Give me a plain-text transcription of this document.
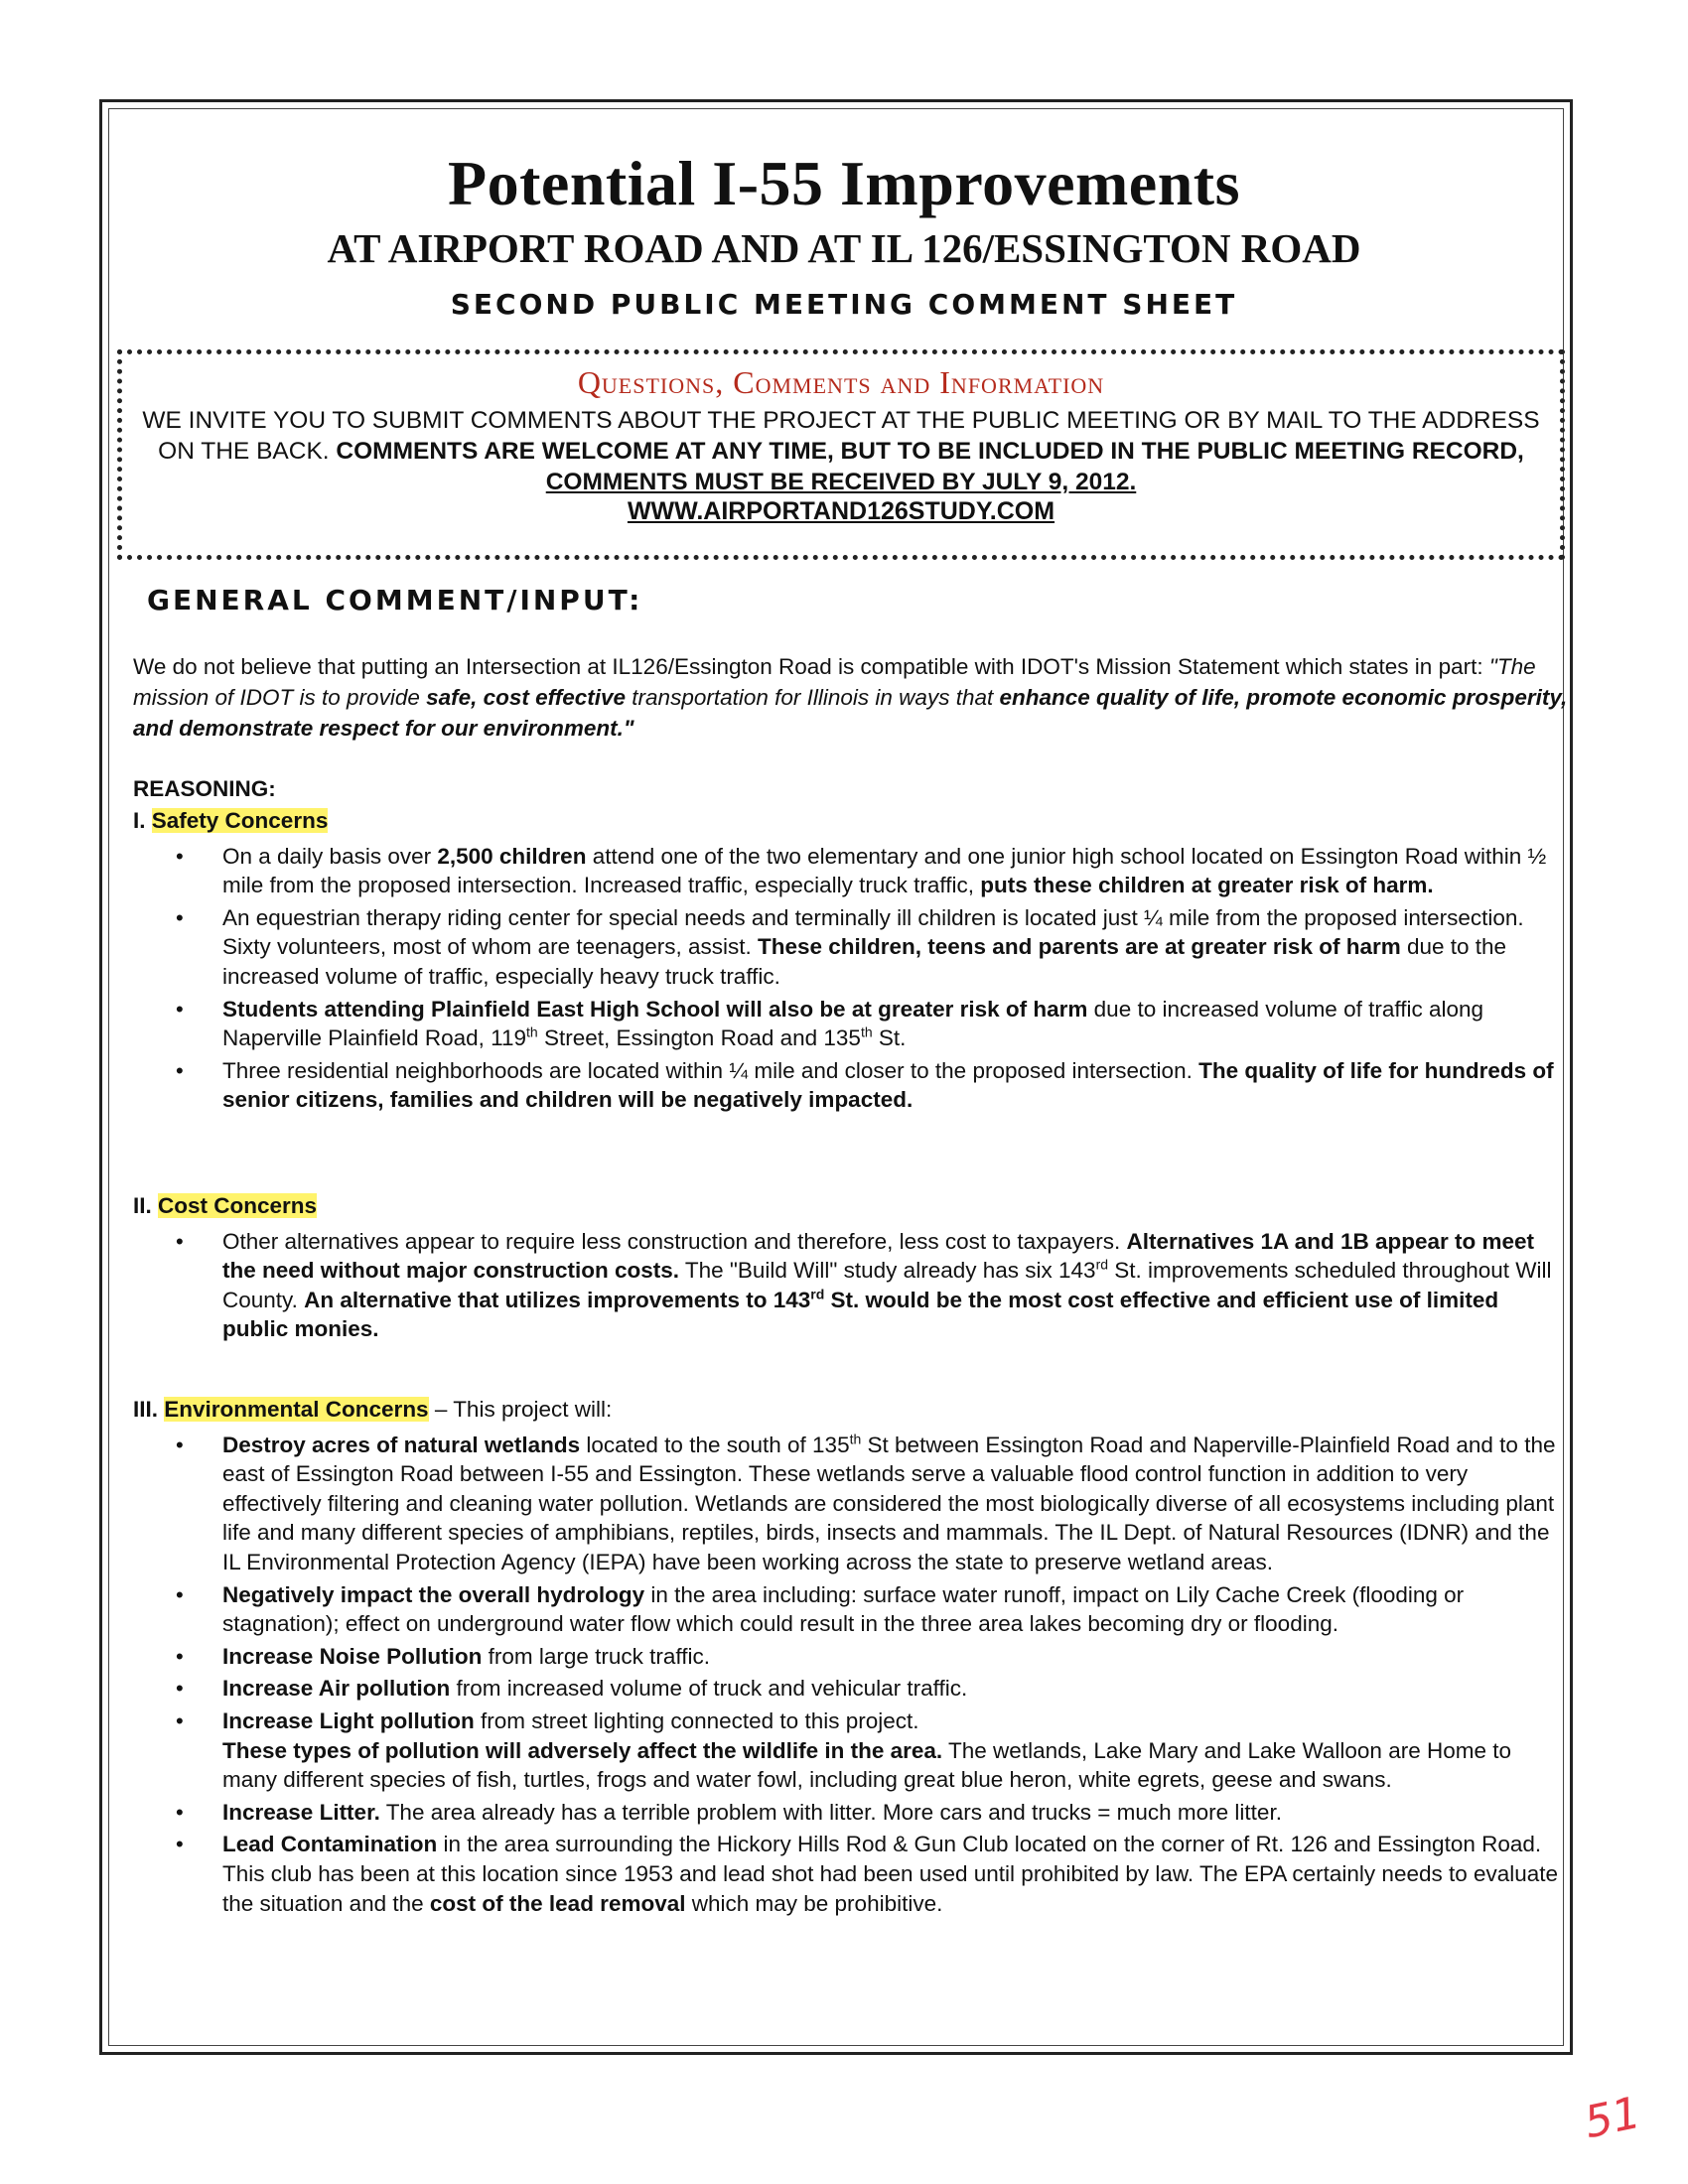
Potential I-55 Improvements
AT AIRPORT ROAD AND AT IL 126/ESSINGTON ROAD
SECOND PUBLIC MEETING COMMENT SHEET
Questions, Comments and Information
WE INVITE YOU TO SUBMIT COMMENTS ABOUT THE PROJECT AT THE PUBLIC MEETING OR BY MAIL TO THE ADDRESS ON THE BACK. COMMENTS ARE WELCOME AT ANY TIME, BUT TO BE INCLUDED IN THE PUBLIC MEETING RECORD, COMMENTS MUST BE RECEIVED BY JULY 9, 2012.
WWW.AIRPORTAND126STUDY.COM
GENERAL COMMENT/INPUT:

We do not believe that putting an Intersection at IL126/Essington Road is compatible with IDOT's Mission Statement which states in part: "The mission of IDOT is to provide safe, cost effective transportation for Illinois in ways that enhance quality of life, promote economic prosperity, and demonstrate respect for our environment."

REASONING:
I. Safety Concerns
• On a daily basis over 2,500 children attend one of the two elementary and one junior high school located on Essington Road within ½ mile from the proposed intersection. Increased traffic, especially truck traffic, puts these children at greater risk of harm.
• An equestrian therapy riding center for special needs and terminally ill children is located just ¼ mile from the proposed intersection. Sixty volunteers, most of whom are teenagers, assist. These children, teens and parents are at greater risk of harm due to the increased volume of traffic, especially heavy truck traffic.
• Students attending Plainfield East High School will also be at greater risk of harm due to increased volume of traffic along Naperville Plainfield Road, 119th Street, Essington Road and 135th St.
• Three residential neighborhoods are located within ¼ mile and closer to the proposed intersection. The quality of life for hundreds of senior citizens, families and children will be negatively impacted.
II. Cost Concerns
• Other alternatives appear to require less construction and therefore, less cost to taxpayers. Alternatives 1A and 1B appear to meet the need without major construction costs. The "Build Will" study already has six 143rd St. improvements scheduled throughout Will County. An alternative that utilizes improvements to 143rd St. would be the most cost effective and efficient use of limited public monies.
III. Environmental Concerns – This project will:
• Destroy acres of natural wetlands located to the south of 135th St between Essington Road and Naperville-Plainfield Road and to the east of Essington Road between I-55 and Essington. These wetlands serve a valuable flood control function in addition to very effectively filtering and cleaning water pollution. Wetlands are considered the most biologically diverse of all ecosystems including plant life and many different species of amphibians, reptiles, birds, insects and mammals. The IL Dept. of Natural Resources (IDNR) and the IL Environmental Protection Agency (IEPA) have been working across the state to preserve wetland areas.
• Negatively impact the overall hydrology in the area including: surface water runoff, impact on Lily Cache Creek (flooding or stagnation); effect on underground water flow which could result in the three area lakes becoming dry or flooding.
• Increase Noise Pollution from large truck traffic.
• Increase Air pollution from increased volume of truck and vehicular traffic.
• Increase Light pollution from street lighting connected to this project.
These types of pollution will adversely affect the wildlife in the area. The wetlands, Lake Mary and Lake Walloon are Home to many different species of fish, turtles, frogs and water fowl, including great blue heron, white egrets, geese and swans.
• Increase Litter. The area already has a terrible problem with litter. More cars and trucks = much more litter.
• Lead Contamination in the area surrounding the Hickory Hills Rod & Gun Club located on the corner of Rt. 126 and Essington Road. This club has been at this location since 1953 and lead shot had been used until prohibited by law. The EPA certainly needs to evaluate the situation and the cost of the lead removal which may be prohibitive.
51
